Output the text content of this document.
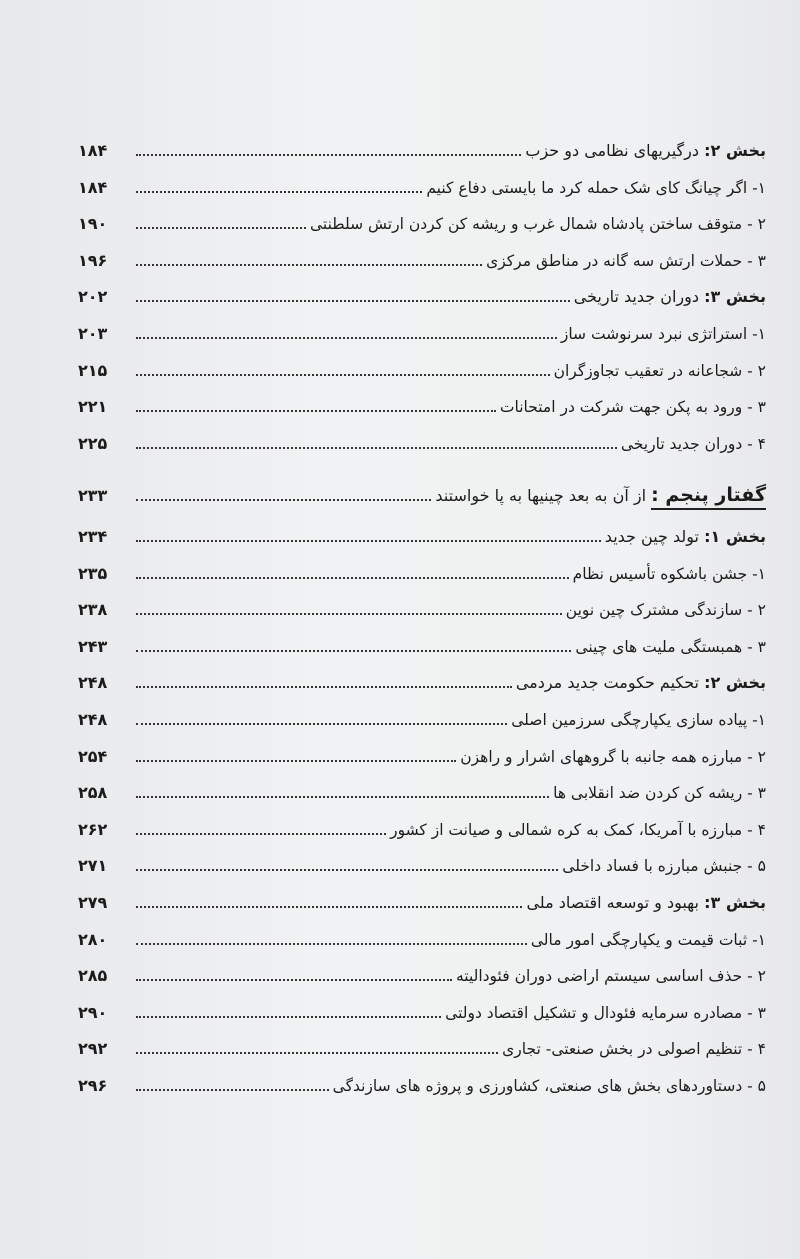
بخش ۲: درگیریهای نظامی دو حزب
۱۸۴
۱- اگر چیانگ کای شک حمله کرد ما بایستی دفاع کنیم
۱۸۴
۲ - متوقف ساختن پادشاه شمال غرب و ریشه کن کردن ارتش سلطنتی
۱۹۰
۳ - حملات ارتش سه گانه در مناطق مرکزی
۱۹۶
بخش ۳: دوران جدید تاریخی
۲۰۲
۱- استراتژی نبرد سرنوشت ساز
۲۰۳
۲ - شجاعانه در تعقیب تجاوزگران
۲۱۵
۳ - ورود به پکن جهت شرکت در امتحانات
۲۲۱
۴ - دوران جدید تاریخی
۲۲۵
گفتار پنجم : از آن به بعد چینیها به پا خواستند
۲۳۳
بخش ۱: تولد چین جدید
۲۳۴
۱- جشن باشکوه تأسیس نظام
۲۳۵
۲ - سازندگی مشترک چین نوین
۲۳۸
۳ - همبستگی ملیت های چینی
۲۴۳
بخش ۲: تحکیم حکومت جدید مردمی
۲۴۸
۱- پیاده سازی یکپارچگی سرزمین اصلی
۲۴۸
۲ - مبارزه همه جانبه با گروههای اشرار و راهزن
۲۵۴
۳ - ریشه کن کردن ضد انقلابی ها
۲۵۸
۴ - مبارزه با آمریکا، کمک به کره شمالی و صیانت از کشور
۲۶۲
۵ - جنبش مبارزه با فساد داخلی
۲۷۱
بخش ۳: بهبود و توسعه اقتصاد ملی
۲۷۹
۱- ثبات قیمت و یکپارچگی امور مالی
۲۸۰
۲ - حذف اساسی سیستم اراضی دوران فئودالیته
۲۸۵
۳ - مصادره سرمایه فئودال و تشکیل اقتصاد دولتی
۲۹۰
۴ - تنظیم اصولی در بخش صنعتی- تجاری
۲۹۲
۵ - دستاوردهای بخش های صنعتی، کشاورزی و پروژه های سازندگی
۲۹۶
